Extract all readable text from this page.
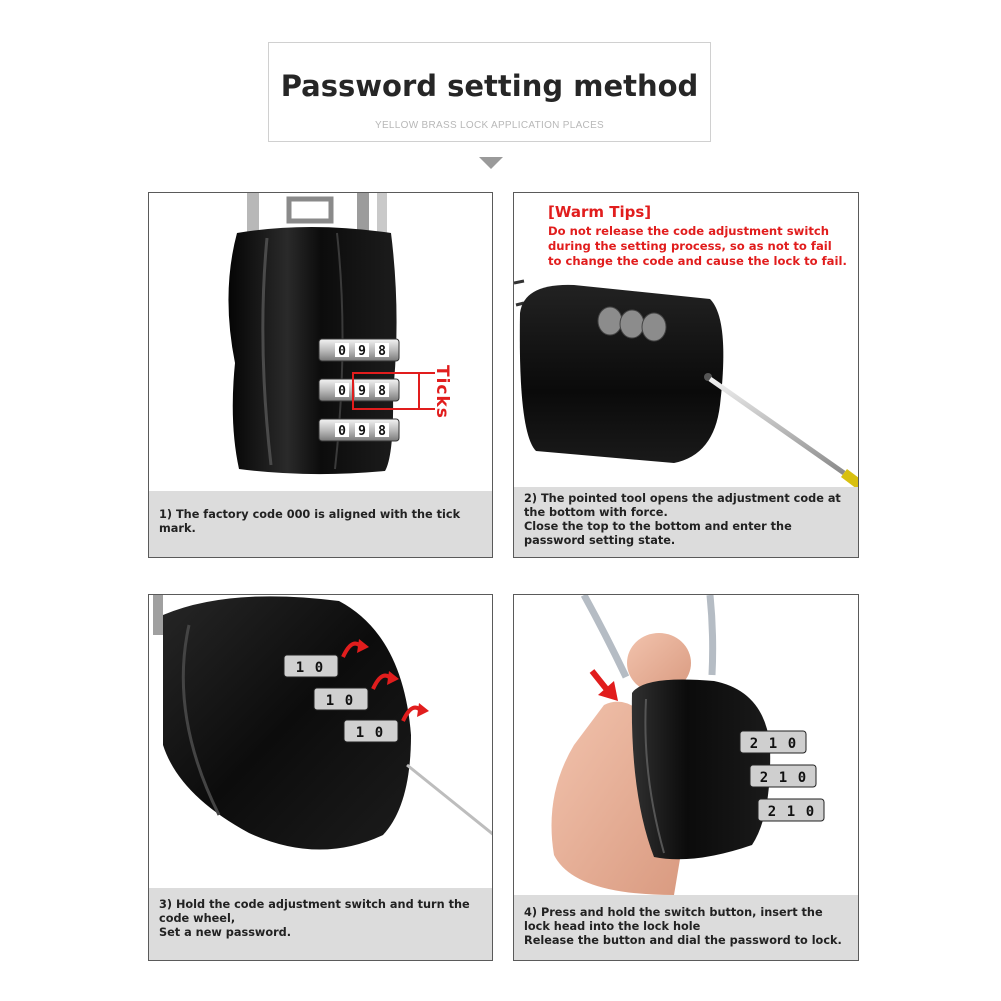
Password setting method
YELLOW BRASS LOCK APPLICATION PLACES
0 9 8
0 9 8
0 9 8
Ticks
1) The factory code 000 is aligned with the tick
mark.
[Warm Tips]
Do not release the code adjustment switch during the setting process, so as not to fail to change the code and cause the lock to fail.
2) The pointed tool opens the adjustment code at
the bottom with force.
Close the top to the bottom and enter the
password setting state.
1 0
1 0
1 0
3) Hold the code adjustment switch and turn the
code wheel,
Set a new password.
2 1 0
2 1 0
2 1 0
4) Press and hold the switch button, insert the
lock head into the lock hole
Release the button and dial the password to lock.
